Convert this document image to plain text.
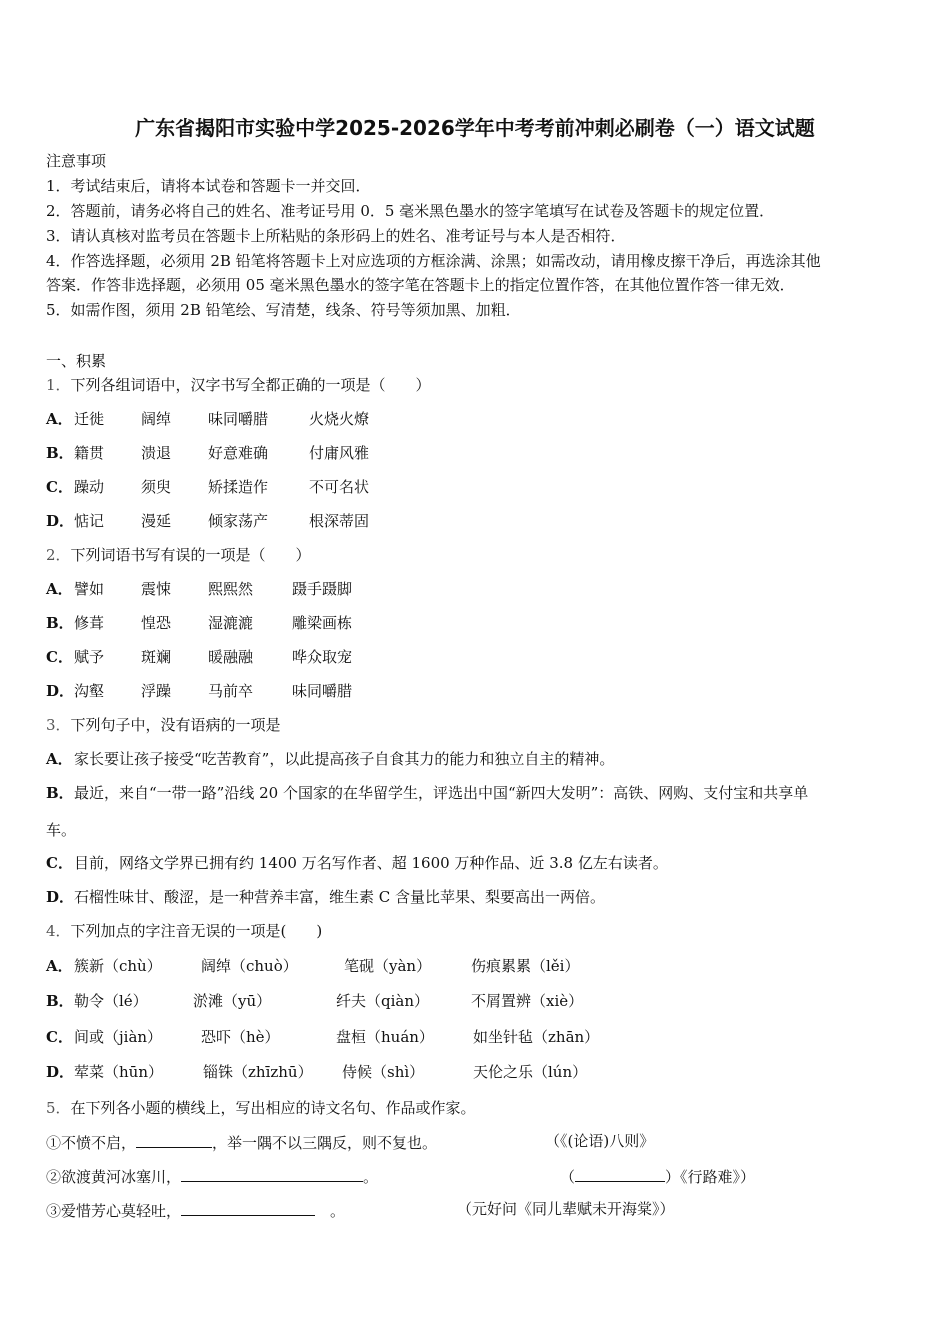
广东省揭阳市实验中学2025-2026学年中考考前冲刺必刷卷（一）语文试题
注意事项
1．考试结束后，请将本试卷和答题卡一并交回．
2．答题前，请务必将自己的姓名、准考证号用 0．5 毫米黑色墨水的签字笔填写在试卷及答题卡的规定位置．
3．请认真核对监考员在答题卡上所粘贴的条形码上的姓名、准考证号与本人是否相符．
4．作答选择题，必须用 2B 铅笔将答题卡上对应选项的方框涂满、涂黑；如需改动，请用橡皮擦干净后，再选涂其他
答案．作答非选择题，必须用 05 毫米黑色墨水的签字笔在答题卡上的指定位置作答，在其他位置作答一律无效．
5．如需作图，须用 2B 铅笔绘、写清楚，线条、符号等须加黑、加粗．
一、积累
1．下列各组词语中，汉字书写全都正确的一项是（　　）
A． 迁徙 阔绰 味同嚼腊	火烧火燎
B． 籍贯 溃退 好意难确	付庸风雅
C． 躁动 须臾 矫揉造作	不可名状
D． 惦记 漫延 倾家荡产	根深蒂固
2．下列词语书写有误的一项是（　　）
A． 譬如 震悚 熙熙然	蹑手蹑脚
B． 修葺 惶恐 湿漉漉	雕梁画栋
C． 赋予 斑斓 暖融融	哗众取宠
D． 沟壑 浮躁 马前卒	味同嚼腊
3．下列句子中，没有语病的一项是
A．家长要让孩子接受“吃苦教育”，以此提高孩子自食其力的能力和独立自主的精神。
B．最近，来自“一带一路”沿线 20 个国家的在华留学生，评选出中国“新四大发明”：高铁、网购、支付宝和共享单
车。
C．目前，网络文学界已拥有约 1400 万名写作者、超 1600 万种作品、近 3.8 亿左右读者。
D．石榴性味甘、酸涩，是一种营养丰富，维生素 C 含量比苹果、梨要高出一两倍。
4．下列加点的字注音无误的一项是(　　)
A． 簇新（chù）	阔绰（chuò）	笔砚（yàn）	伤痕累累（lěi）
B． 勒令（lé）	淤滩（yū）	纤夫（qiàn）	不屑置辨（xiè）
C． 间或（jiàn）	恐吓（hè）	盘桓（huán）	如坐针毡（zhān）
D． 荤菜（hūn）	锱铢（zhīzhū） 侍候（shì）	天伦之乐（lún）
5．在下列各小题的横线上，写出相应的诗文名句、作品或作家。
①不愤不启，	，举一隅不以三隅反，则不复也。	（《(论语)八则》
②欲渡黄河冰塞川，	。	（	）《行路难》）
③爱惜芳心莫轻吐，	　。	（元好问《同儿辈赋未开海棠》）
